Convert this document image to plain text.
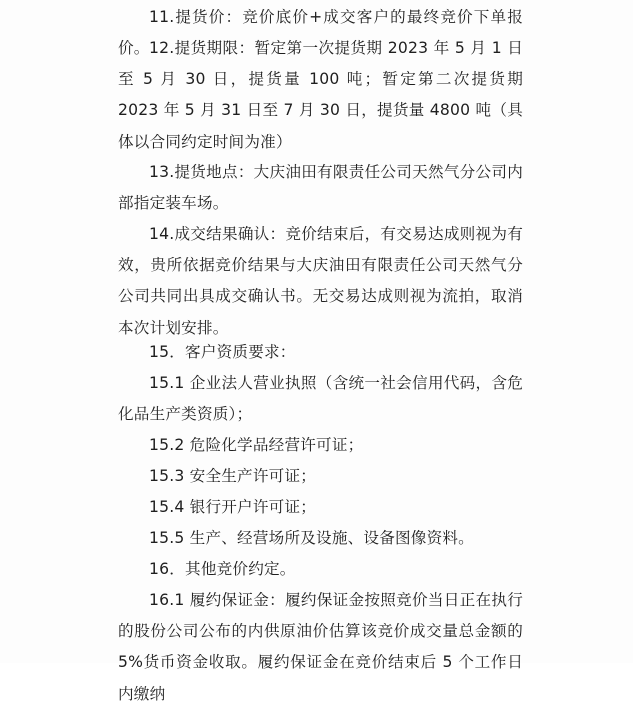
11.提货价：竞价底价+成交客户的最终竞价下单报价。 12.提货期限：暂定第一次提货期 2023 年 5 月 1 日至 5 月 30 日，提货量 100 吨；暂定第二次提货期 2023 年 5 月 31 日至 7 月 30 日，提货量 4800 吨（具体以合同约定时间为准）

13.提货地点：大庆油田有限责任公司天然气分公司内部指定装车场。

14.成交结果确认：竞价结束后，有交易达成则视为有效，贵所依据竞价结果与大庆油田有限责任公司天然气分公司共同出具成交确认书。无交易达成则视为流拍，取消本次计划安排。

15．客户资质要求：

15.1 企业法人营业执照（含统一社会信用代码，含危化品生产类资质）；

15.2 危险化学品经营许可证；

15.3 安全生产许可证；

15.4 银行开户许可证；

15.5 生产、经营场所及设施、设备图像资料。

16．其他竞价约定。

16.1 履约保证金：履约保证金按照竞价当日正在执行的股份公司公布的内供原油价估算该竞价成交量总金额的 5%货币资金收取。履约保证金在竞价结束后 5 个工作日内缴纳
